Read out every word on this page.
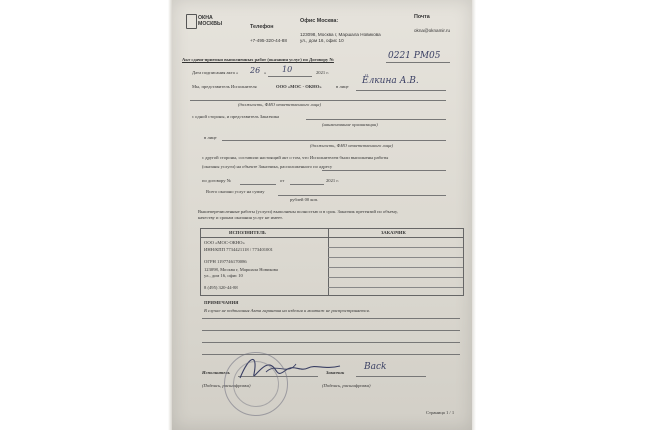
ОКНА
МОСКВЫ	Телефон
+7-495-320-44-88
Офис Москва:
123098, Москва г, Маршала Новикова
ул., дом 16, офис 10
Почта
okna@oknamir.ru
Акт сдачи-приемки выполненных работ (оказания услуг) по Договору №	0221 РМ05
Дата подписания акта « 26 » 10	2021 г.
Мы, представитель Исполнителя	ООО «МОС - ОКНО»	в лице
Ёлкина А.В.
(должность, ФИО ответственного лица)
с одной стороны, и представитель Заказчика
(наименование организации)
в лице
(должность, ФИО ответственного лица)
с другой стороны, составили настоящий акт о том, что Исполнителем были выполнены работы
(оказаны услуги) на объекте Заказчика, расположенного по адресу
по договору №	от	2021 г.
Всего оказано услуг на сумму
рублей 00 коп.
Вышеперечисленные работы (услуги) выполнены полностью и в срок. Заказчик претензий по объему,
качеству и срокам оказания услуг не имеет.
ИСПОЛНИТЕЛЬ	ЗАКАЗЧИК
ООО «МОС-ОКНО»
ИНН/КПП 7734421118 / 773401001
ОГРН 1197746170086
123098, Москва г, Маршала Новикова
ул., дом 16, офис 10
8 (495) 320-44-88
ПРИМЕЧАНИЯ
В случае не подписания Акта гарантия на изделия и монтаж не распространяется.
Исполнитель
(Подпись, расшифровка)
Заказчик
(Подпись, расшифровка)
Back
Страница 1 / 1
